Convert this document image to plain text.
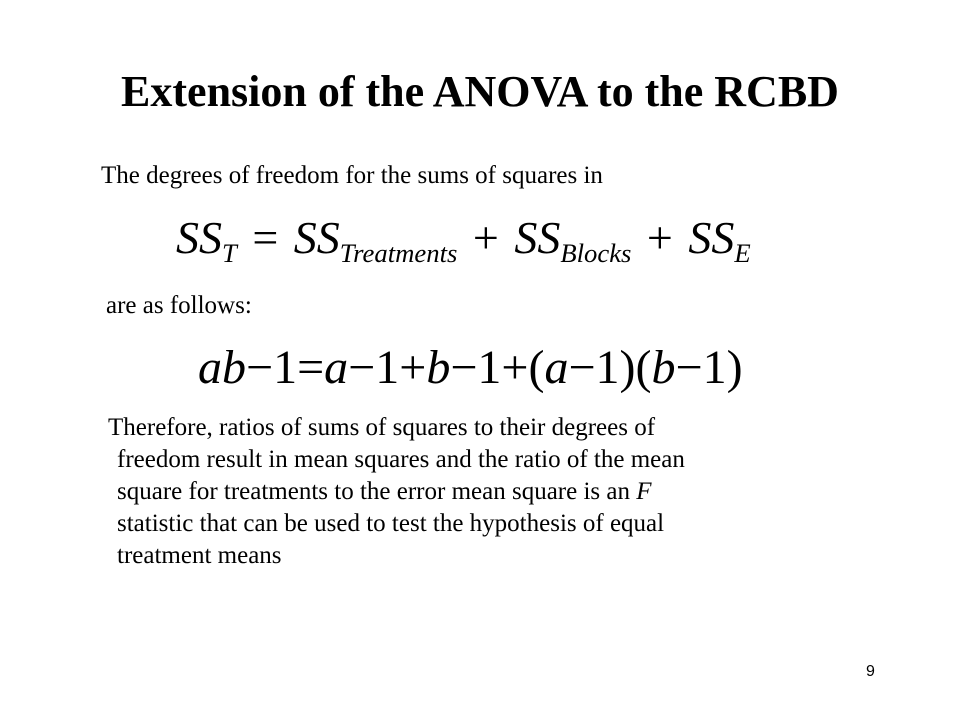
Extension of the ANOVA to the RCBD
The degrees of freedom for the sums of squares in
$SS_T = SS_{Treatments} + SS_{Blocks} + SS_E$
are as follows:
ab−1=a−1+b−1+(a−1)(b−1)
Therefore, ratios of sums of squares to their degrees of
freedom result in mean squares and the ratio of the mean
square for treatments to the error mean square is an F
statistic that can be used to test the hypothesis of equal
treatment means
9
